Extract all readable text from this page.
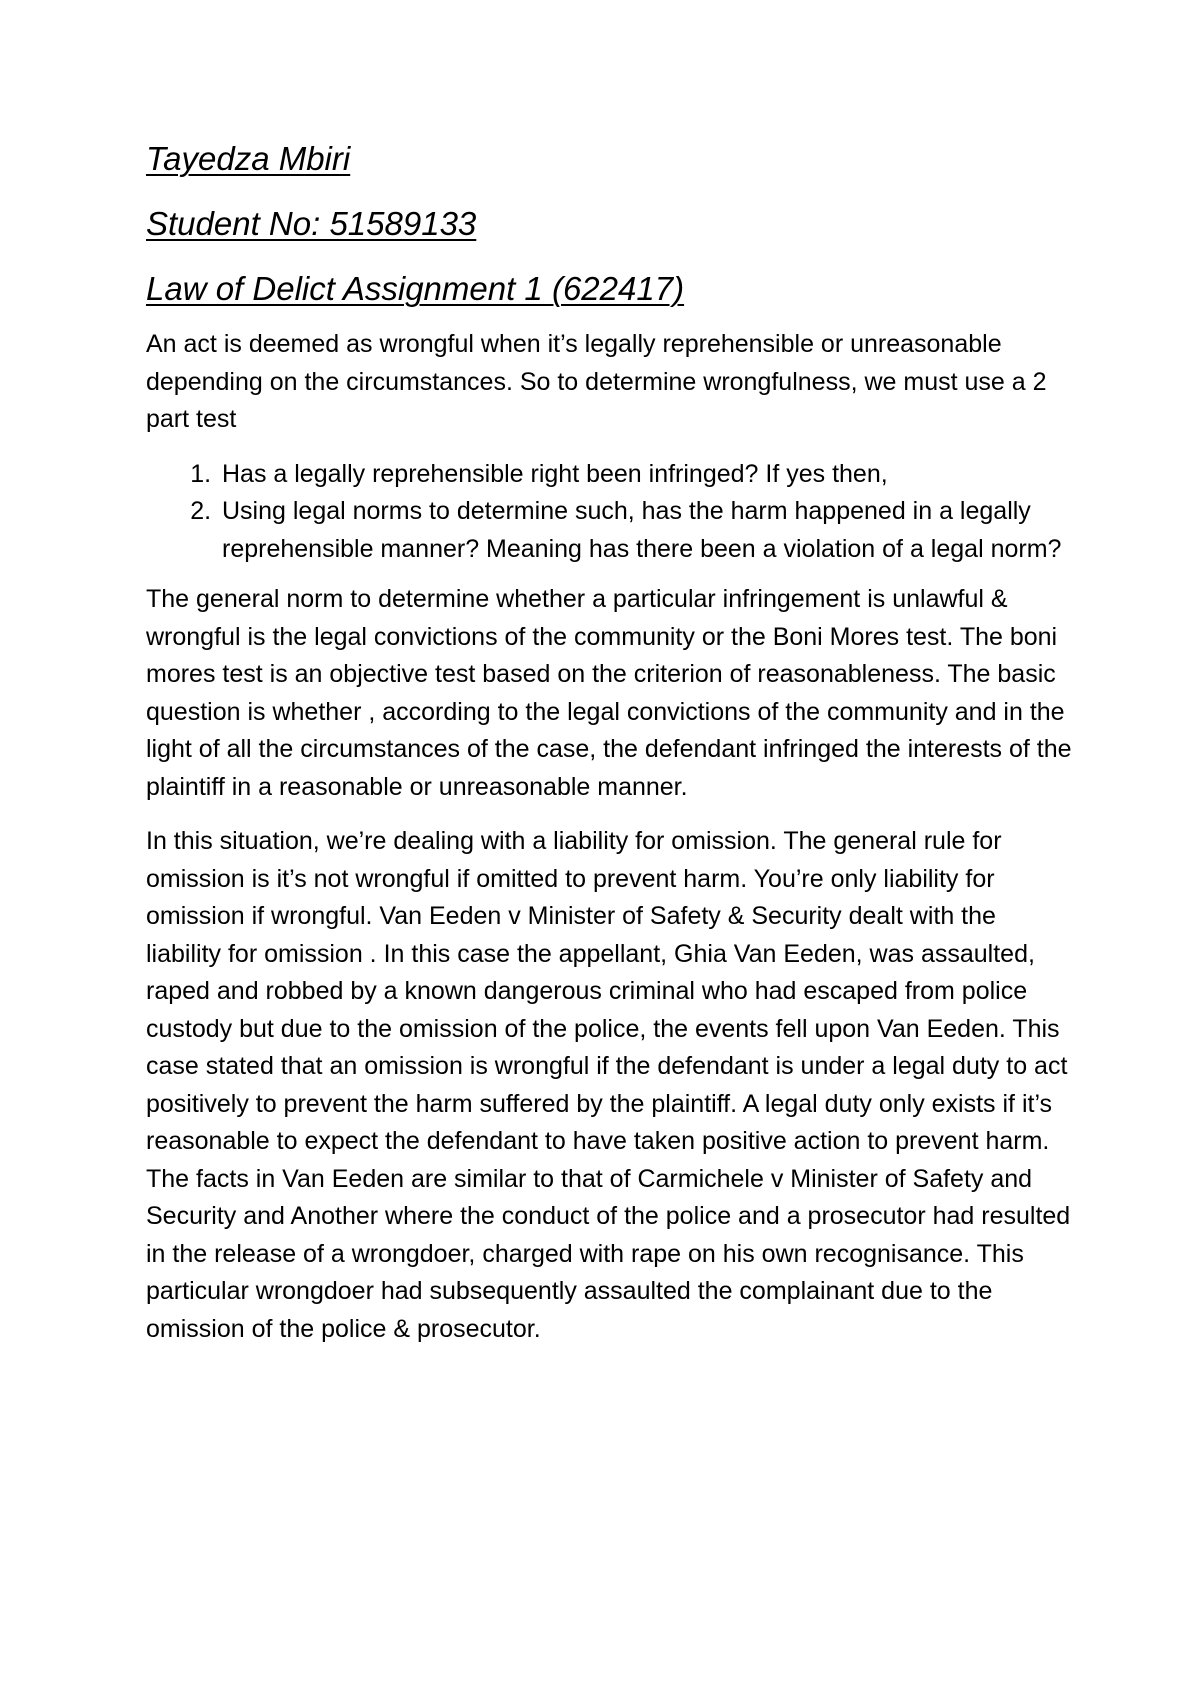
Tayedza Mbiri
Student No: 51589133
Law of Delict Assignment 1 (622417)

An act is deemed as wrongful when it’s legally reprehensible or unreasonable depending on the circumstances. So to determine wrongfulness, we must use a 2 part test

1. Has a legally reprehensible right been infringed? If yes then,
2. Using legal norms to determine such, has the harm happened in a legally reprehensible manner? Meaning has there been a violation of a legal norm?

The general norm to determine whether a particular infringement is unlawful & wrongful is the legal convictions of the community or the Boni Mores test. The boni mores test is an objective test based on the criterion of reasonableness. The basic question is whether , according to the legal convictions of the community and in the light of all the circumstances of the case, the defendant infringed the interests of the plaintiff in a reasonable or unreasonable manner.

In this situation, we’re dealing with a liability for omission. The general rule for omission is it’s not wrongful if omitted to prevent harm. You’re only liability for omission if wrongful. Van Eeden v Minister of Safety & Security dealt with the liability for omission . In this case the appellant, Ghia Van Eeden, was assaulted, raped and robbed by a known dangerous criminal who had escaped from police custody but due to the omission of the police, the events fell upon Van Eeden. This case stated that an omission is wrongful if the defendant is under a legal duty to act positively to prevent the harm suffered by the plaintiff. A legal duty only exists if it’s reasonable to expect the defendant to have taken positive action to prevent harm. The facts in Van Eeden are similar to that of Carmichele v Minister of Safety and Security and Another where the conduct of the police and a prosecutor had resulted in the release of a wrongdoer, charged with rape on his own recognisance. This particular wrongdoer had subsequently assaulted the complainant due to the omission of the police & prosecutor.
